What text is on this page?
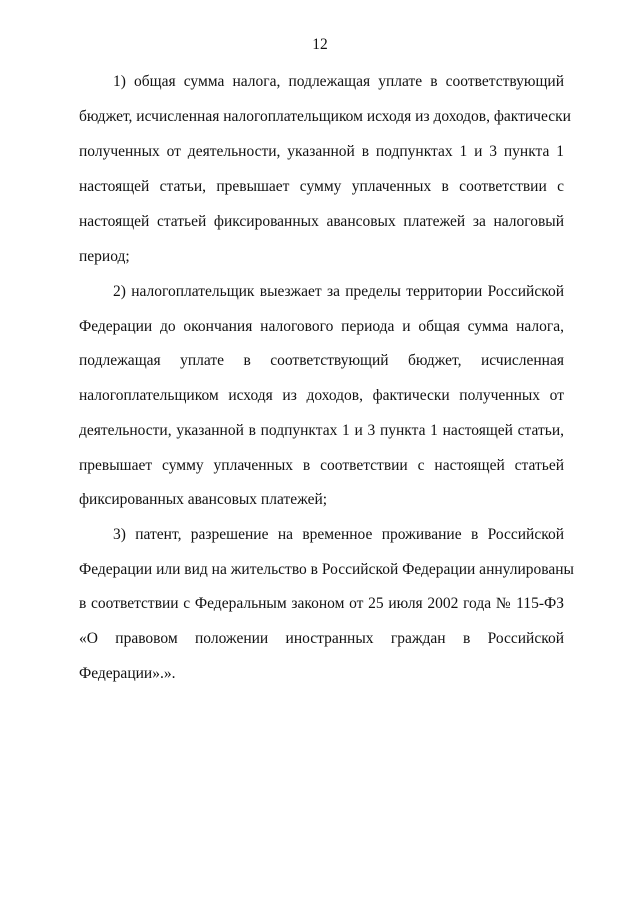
12
1) общая сумма налога, подлежащая уплате в соответствующий
бюджет, исчисленная налогоплательщиком исходя из доходов, фактически
полученных от деятельности, указанной в подпунктах 1 и 3 пункта 1
настоящей статьи, превышает сумму уплаченных в соответствии с
настоящей статьей фиксированных авансовых платежей за налоговый
период;
2) налогоплательщик выезжает за пределы территории Российской
Федерации до окончания налогового периода и общая сумма налога,
подлежащая уплате в соответствующий бюджет, исчисленная
налогоплательщиком исходя из доходов, фактически полученных от
деятельности, указанной в подпунктах 1 и 3 пункта 1 настоящей статьи,
превышает сумму уплаченных в соответствии с настоящей статьей
фиксированных авансовых платежей;
3) патент, разрешение на временное проживание в Российской
Федерации или вид на жительство в Российской Федерации аннулированы
в соответствии с Федеральным законом от 25 июля 2002 года № 115-ФЗ
«О правовом положении иностранных граждан в Российской
Федерации».».
